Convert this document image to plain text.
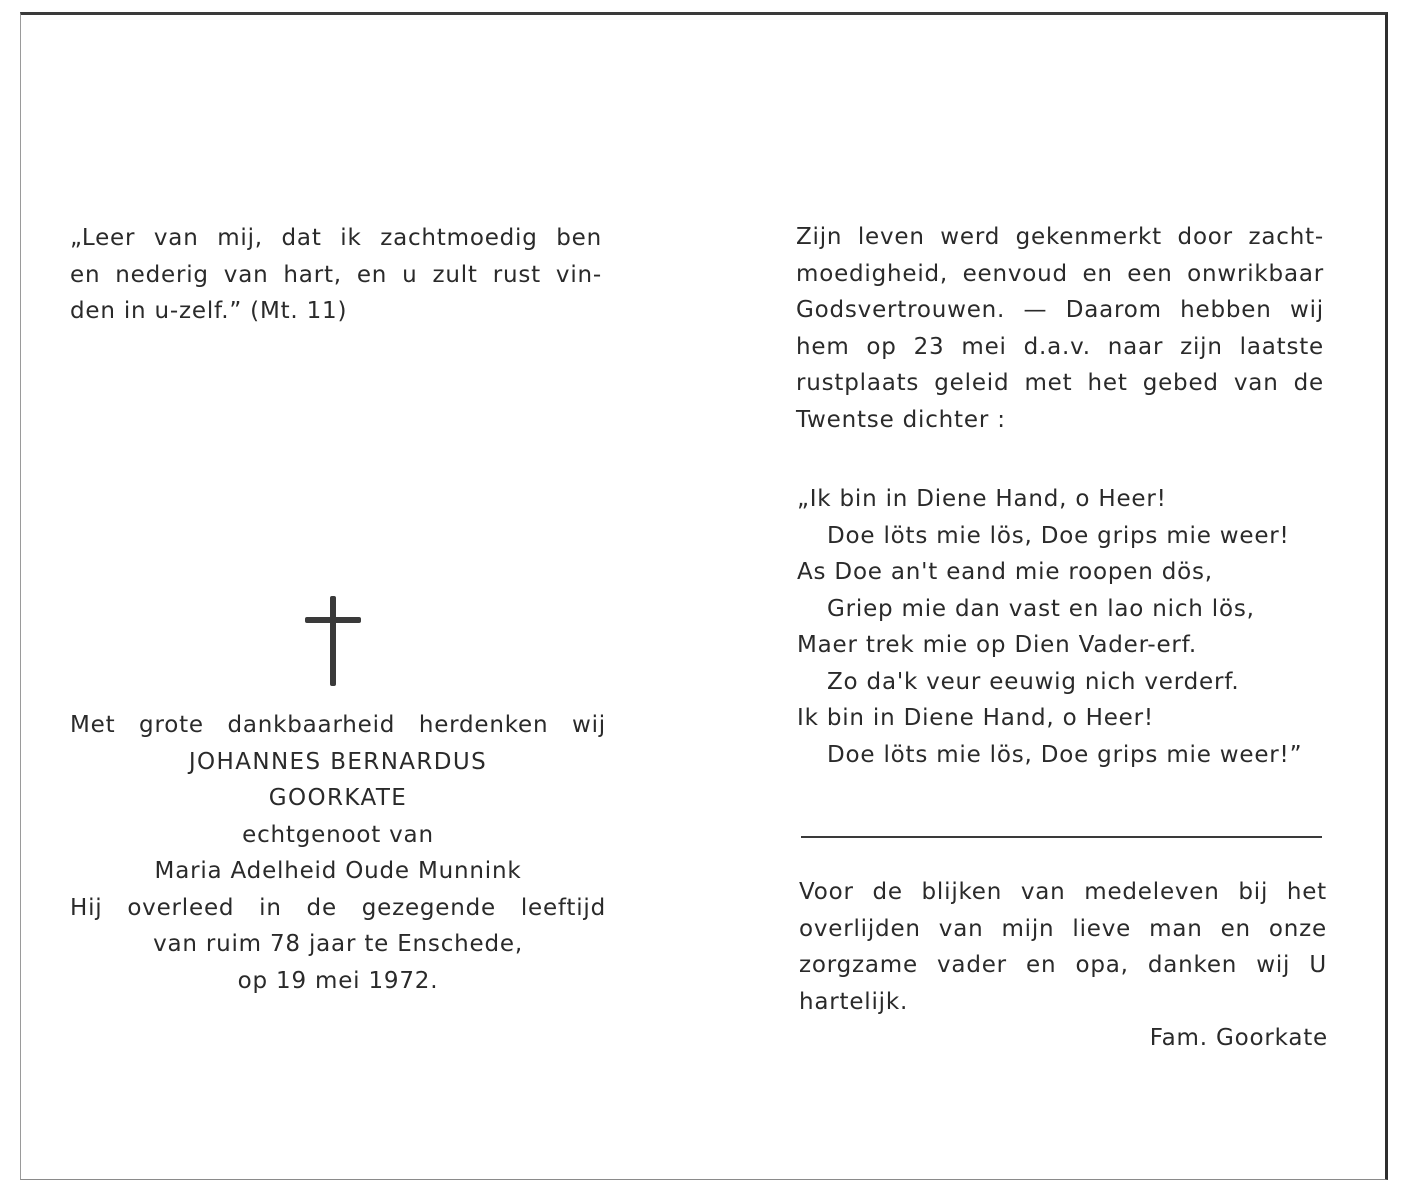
„Leer van mij, dat ik zachtmoedig ben
en nederig van hart, en u zult rust vin-
den in u-zelf.” (Mt. 11)
Met grote dankbaarheid herdenken wij
JOHANNES BERNARDUS
GOORKATE
echtgenoot van
Maria Adelheid Oude Munnink
Hij overleed in de gezegende leeftijd
van ruim 78 jaar te Enschede,
op 19 mei 1972.
Zijn leven werd gekenmerkt door zacht-
moedigheid, eenvoud en een onwrikbaar
Godsvertrouwen. — Daarom hebben wij
hem op 23 mei d.a.v. naar zijn laatste
rustplaats geleid met het gebed van de
Twentse dichter :
„Ik bin in Diene Hand, o Heer!
Doe löts mie lös, Doe grips mie weer!
As Doe an't eand mie roopen dös,
Griep mie dan vast en lao nich lös,
Maer trek mie op Dien Vader-erf.
Zo da'k veur eeuwig nich verderf.
Ik bin in Diene Hand, o Heer!
Doe löts mie lös, Doe grips mie weer!”
Voor de blijken van medeleven bij het
overlijden van mijn lieve man en onze
zorgzame vader en opa, danken wij U
hartelijk.
Fam. Goorkate
